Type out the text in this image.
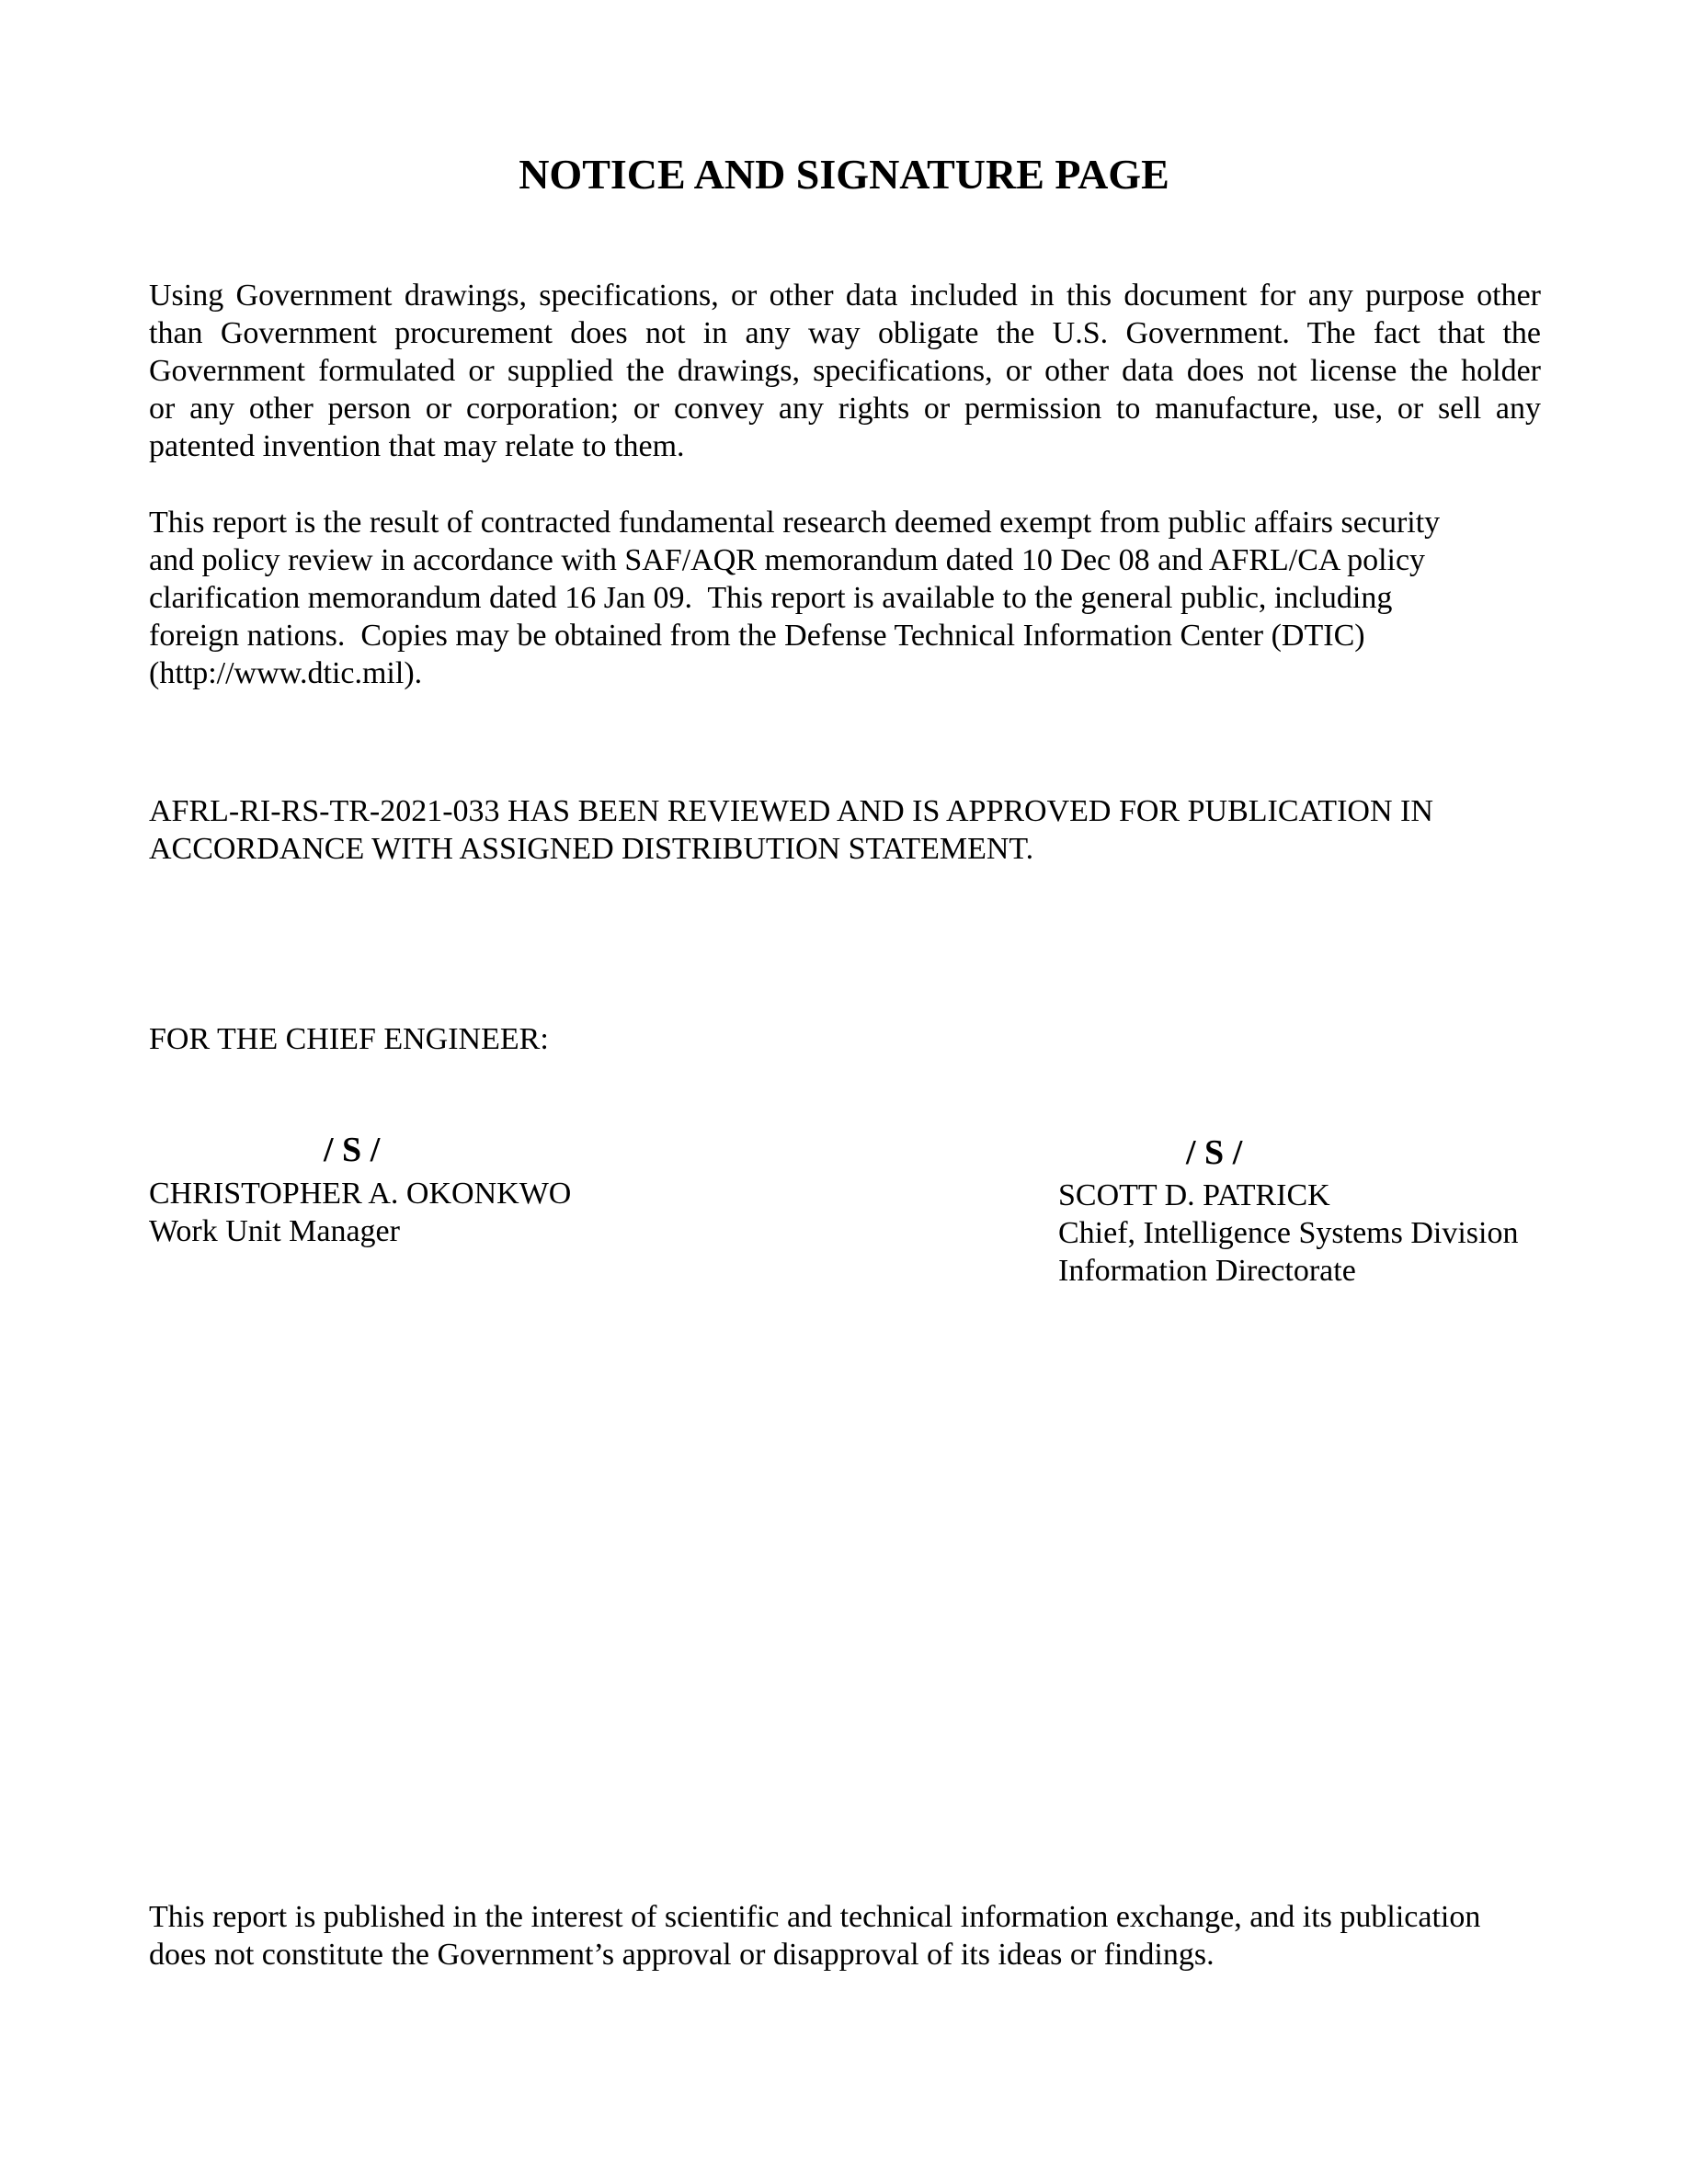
NOTICE AND SIGNATURE PAGE
Using Government drawings, specifications, or other data included in this document for any purpose other
than Government procurement does not in any way obligate the U.S. Government. The fact that the
Government formulated or supplied the drawings, specifications, or other data does not license the holder
or any other person or corporation; or convey any rights or permission to manufacture, use, or sell any
patented invention that may relate to them.
This report is the result of contracted fundamental research deemed exempt from public affairs security
and policy review in accordance with SAF/AQR memorandum dated 10 Dec 08 and AFRL/CA policy
clarification memorandum dated 16 Jan 09.  This report is available to the general public, including
foreign nations.  Copies may be obtained from the Defense Technical Information Center (DTIC)
(http://www.dtic.mil).
AFRL-RI-RS-TR-2021-033 HAS BEEN REVIEWED AND IS APPROVED FOR PUBLICATION IN
ACCORDANCE WITH ASSIGNED DISTRIBUTION STATEMENT.
FOR THE CHIEF ENGINEER:
/ S /
CHRISTOPHER A. OKONKWO
Work Unit Manager
/ S /
SCOTT D. PATRICK
Chief, Intelligence Systems Division
Information Directorate
This report is published in the interest of scientific and technical information exchange, and its publication
does not constitute the Government’s approval or disapproval of its ideas or findings.
